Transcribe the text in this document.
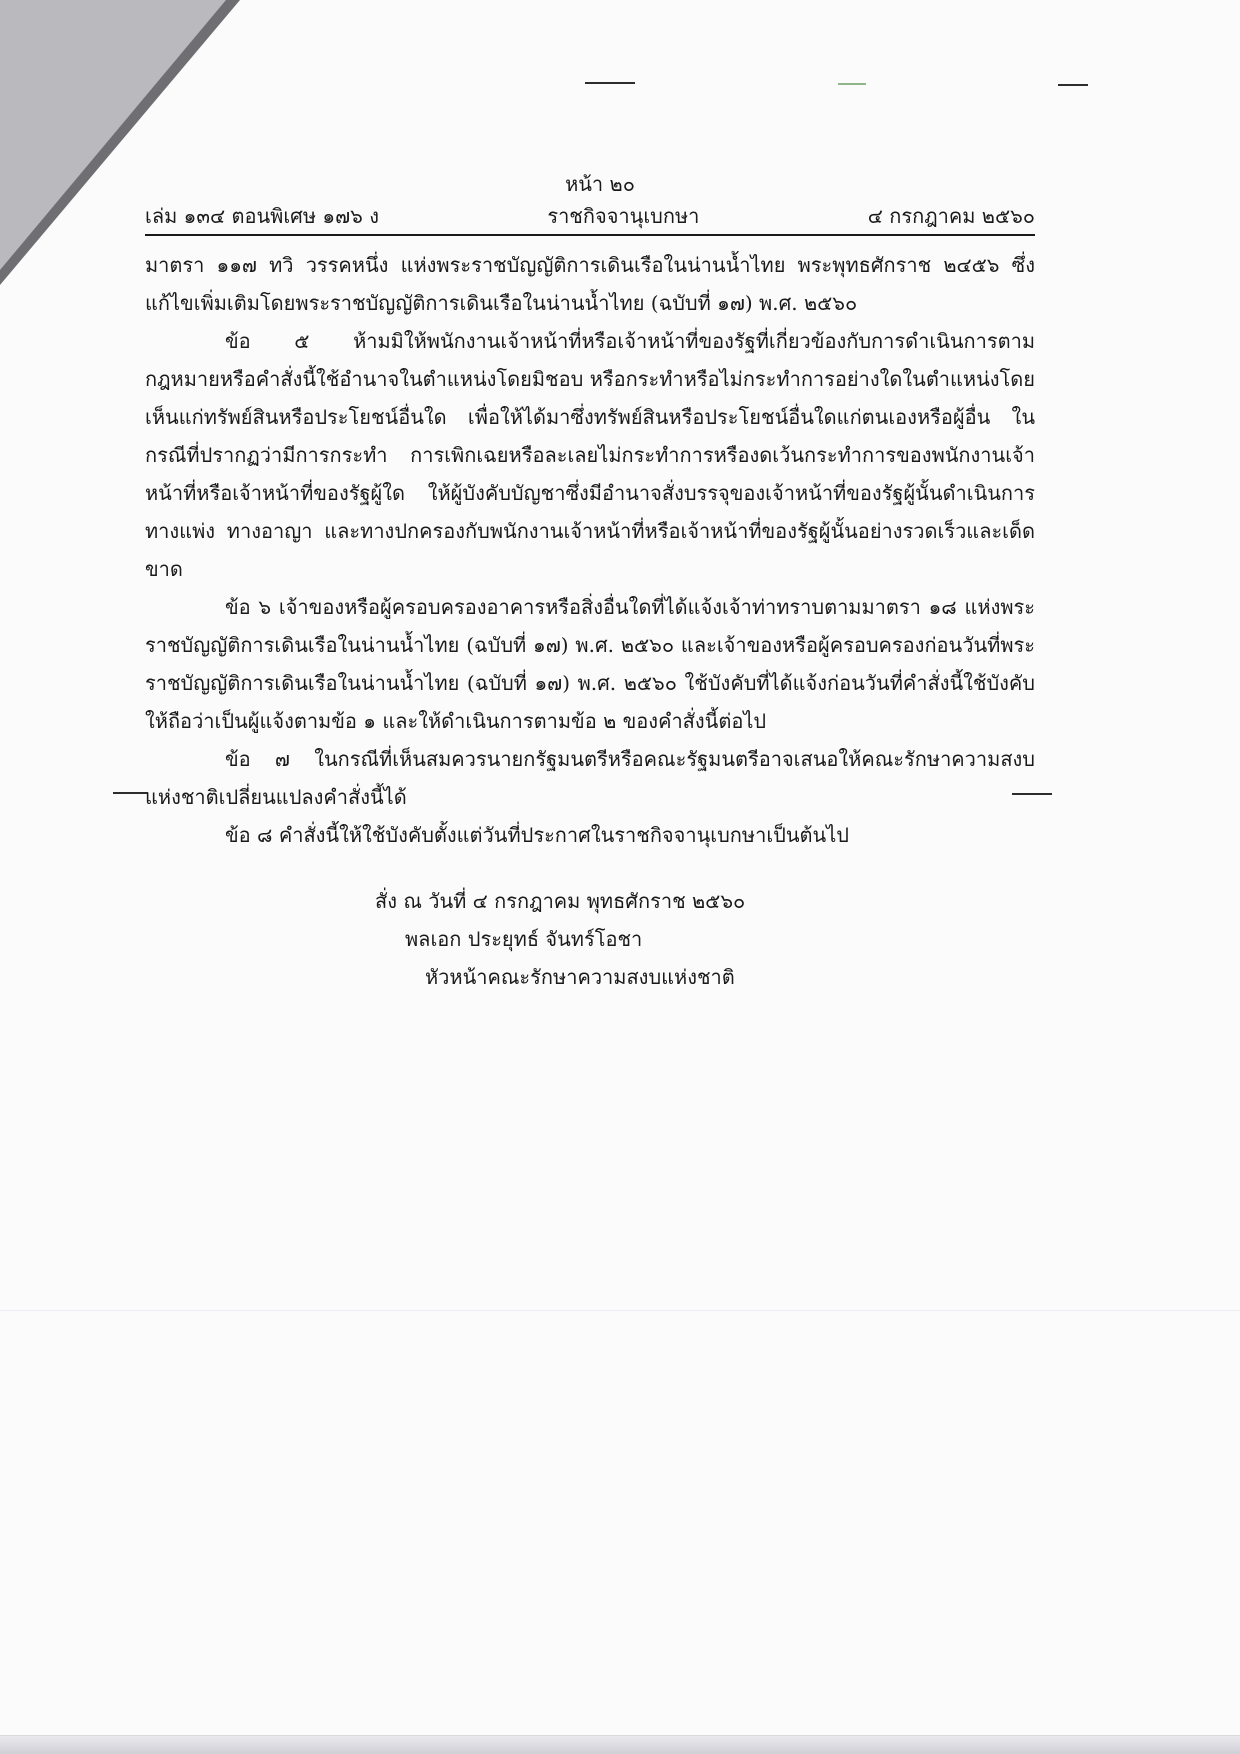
หน้า ๒๐
เล่ม ๑๓๔ ตอนพิเศษ ๑๗๖ ง	ราชกิจจานุเบกษา	๔ กรกฎาคม ๒๕๖๐

มาตรา ๑๑๗ ทวิ วรรคหนึ่ง แห่งพระราชบัญญัติการเดินเรือในน่านน้ำไทย พระพุทธศักราช ๒๔๕๖ ซึ่งแก้ไขเพิ่มเติมโดยพระราชบัญญัติการเดินเรือในน่านน้ำไทย (ฉบับที่ ๑๗) พ.ศ. ๒๕๖๐

ข้อ ๕ ห้ามมิให้พนักงานเจ้าหน้าที่หรือเจ้าหน้าที่ของรัฐที่เกี่ยวข้องกับการดำเนินการตามกฎหมายหรือคำสั่งนี้ใช้อำนาจในตำแหน่งโดยมิชอบ หรือกระทำหรือไม่กระทำการอย่างใดในตำแหน่งโดยเห็นแก่ทรัพย์สินหรือประโยชน์อื่นใด เพื่อให้ได้มาซึ่งทรัพย์สินหรือประโยชน์อื่นใดแก่ตนเองหรือผู้อื่น ในกรณีที่ปรากฏว่ามีการกระทำ การเพิกเฉยหรือละเลยไม่กระทำการหรืองดเว้นกระทำการของพนักงานเจ้าหน้าที่หรือเจ้าหน้าที่ของรัฐผู้ใด ให้ผู้บังคับบัญชาซึ่งมีอำนาจสั่งบรรจุของเจ้าหน้าที่ของรัฐผู้นั้นดำเนินการทางแพ่ง ทางอาญา และทางปกครองกับพนักงานเจ้าหน้าที่หรือเจ้าหน้าที่ของรัฐผู้นั้นอย่างรวดเร็วและเด็ดขาด

ข้อ ๖ เจ้าของหรือผู้ครอบครองอาคารหรือสิ่งอื่นใดที่ได้แจ้งเจ้าท่าทราบตามมาตรา ๑๘ แห่งพระราชบัญญัติการเดินเรือในน่านน้ำไทย (ฉบับที่ ๑๗) พ.ศ. ๒๕๖๐ และเจ้าของหรือผู้ครอบครองก่อนวันที่พระราชบัญญัติการเดินเรือในน่านน้ำไทย (ฉบับที่ ๑๗) พ.ศ. ๒๕๖๐ ใช้บังคับที่ได้แจ้งก่อนวันที่คำสั่งนี้ใช้บังคับ ให้ถือว่าเป็นผู้แจ้งตามข้อ ๑ และให้ดำเนินการตามข้อ ๒ ของคำสั่งนี้ต่อไป

ข้อ ๗ ในกรณีที่เห็นสมควรนายกรัฐมนตรีหรือคณะรัฐมนตรีอาจเสนอให้คณะรักษาความสงบแห่งชาติเปลี่ยนแปลงคำสั่งนี้ได้

ข้อ ๘ คำสั่งนี้ให้ใช้บังคับตั้งแต่วันที่ประกาศในราชกิจจานุเบกษาเป็นต้นไป

สั่ง ณ วันที่ ๔ กรกฎาคม พุทธศักราช ๒๕๖๐
พลเอก ประยุทธ์ จันทร์โอชา
หัวหน้าคณะรักษาความสงบแห่งชาติ
